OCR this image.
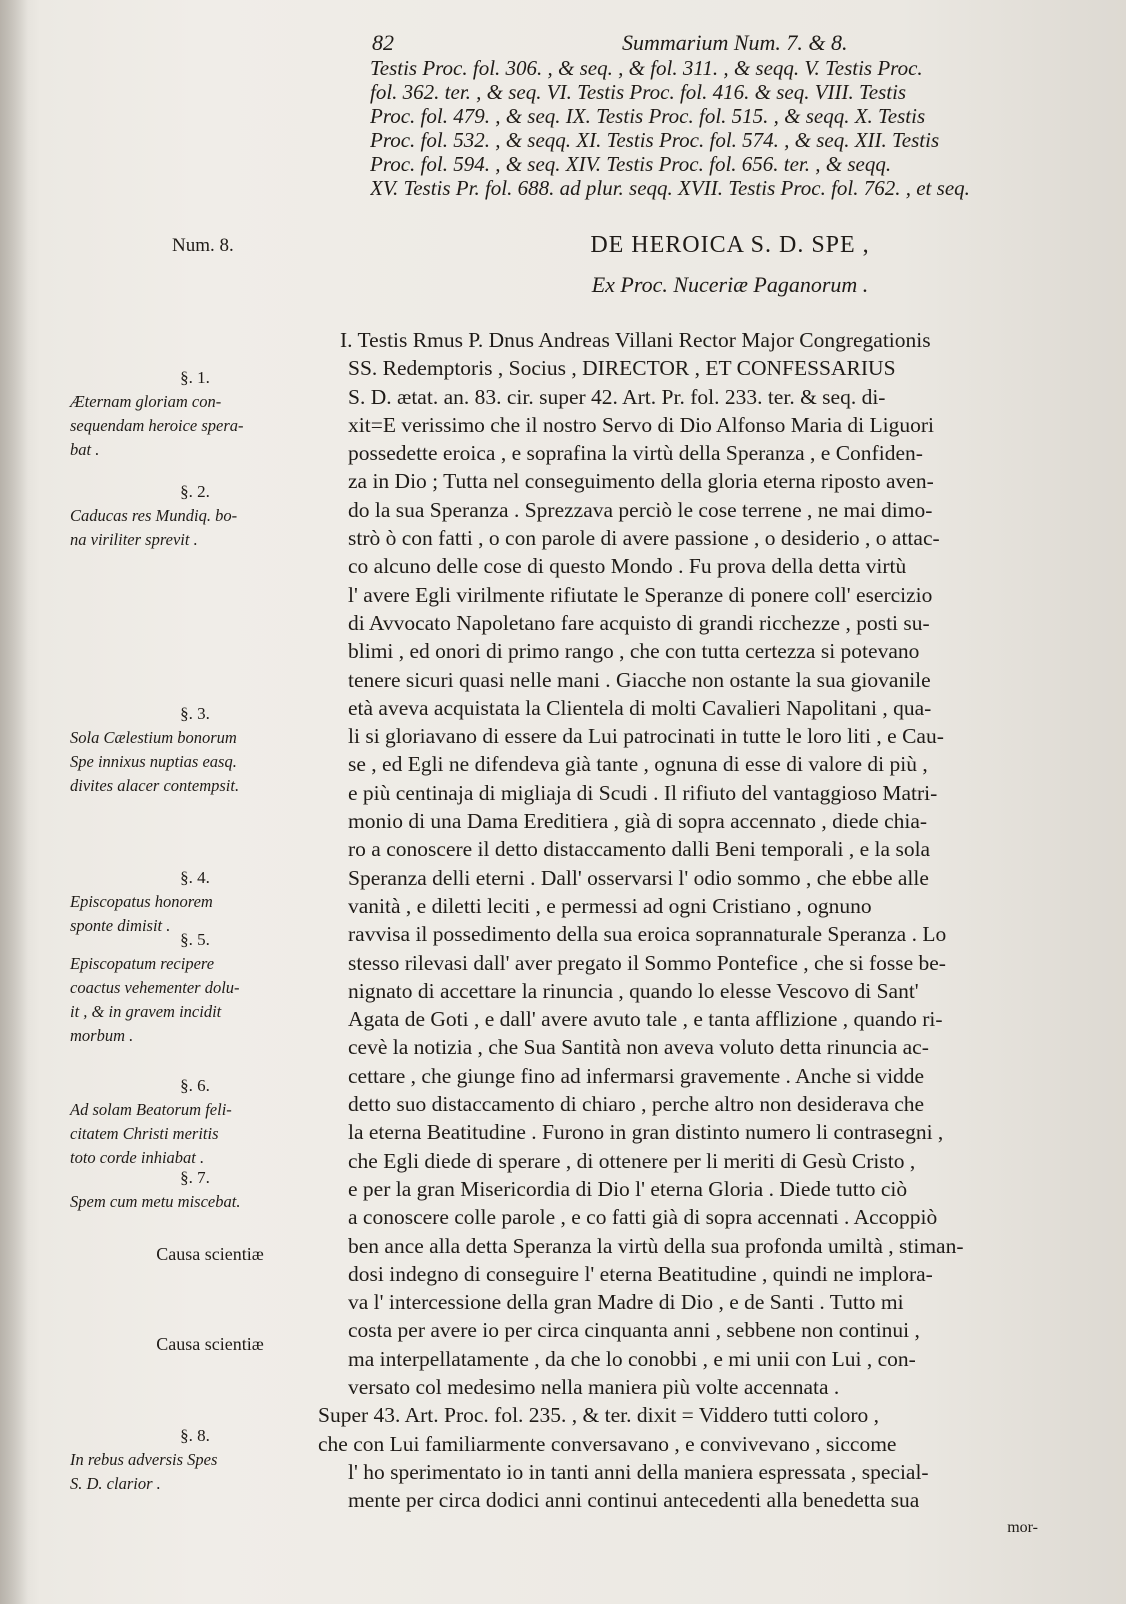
82	Summarium Num. 7. & 8.
Testis Proc. fol. 306. , & seq. , & fol. 311. , & seqq. V. Testis Proc.
fol. 362. ter. , & seq. VI. Testis Proc. fol. 416. & seq. VIII. Testis
Proc. fol. 479. , & seq. IX. Testis Proc. fol. 515. , & seqq. X. Testis
Proc. fol. 532. , & seqq. XI. Testis Proc. fol. 574. , & seq. XII. Testis
Proc. fol. 594. , & seq. XIV. Testis Proc. fol. 656. ter. , & seqq.
XV. Testis Pr. fol. 688. ad plur. seqq. XVII. Testis Proc. fol. 762. , et seq.
Num. 8.	DE HEROICA S. D. SPE ,
Ex Proc. Nuceriæ Paganorum .
I. Testis Rmus P. Dnus Andreas Villani Rector Major Congregationis
SS. Redemptoris , Socius , DIRECTOR , ET CONFESSARIUS
S. D. ætat. an. 83. cir. super 42. Art. Pr. fol. 233. ter. & seq. di-
xit=E verissimo che il nostro Servo di Dio Alfonso Maria di Liguori
possedette eroica , e soprafina la virtù della Speranza , e Confiden-
za in Dio ; Tutta nel conseguimento della gloria eterna riposto aven-
do la sua Speranza . Sprezzava perciò le cose terrene , ne mai dimo-
strò ò con fatti , o con parole di avere passione , o desiderio , o attac-
co alcuno delle cose di questo Mondo . Fu prova della detta virtù
l' avere Egli virilmente rifiutate le Speranze di ponere coll' esercizio
di Avvocato Napoletano fare acquisto di grandi ricchezze , posti su-
blimi , ed onori di primo rango , che con tutta certezza si potevano
tenere sicuri quasi nelle mani . Giacche non ostante la sua giovanile
età aveva acquistata la Clientela di molti Cavalieri Napolitani , qua-
li si gloriavano di essere da Lui patrocinati in tutte le loro liti , e Cau-
se , ed Egli ne difendeva già tante , ognuna di esse di valore di più ,
e più centinaja di migliaja di Scudi . Il rifiuto del vantaggioso Matri-
monio di una Dama Ereditiera , già di sopra accennato , diede chia-
ro a conoscere il detto distaccamento dalli Beni temporali , e la sola
Speranza delli eterni . Dall' osservarsi l' odio sommo , che ebbe alle
vanità , e diletti leciti , e permessi ad ogni Cristiano , ognuno
ravvisa il possedimento della sua eroica soprannaturale Speranza . Lo
stesso rilevasi dall' aver pregato il Sommo Pontefice , che si fosse be-
nignato di accettare la rinuncia , quando lo elesse Vescovo di Sant'
Agata de Goti , e dall' avere avuto tale , e tanta afflizione , quando ri-
cevè la notizia , che Sua Santità non aveva voluto detta rinuncia ac-
cettare , che giunge fino ad infermarsi gravemente . Anche si vidde
detto suo distaccamento di chiaro , perche altro non desiderava che
la eterna Beatitudine . Furono in gran distinto numero li contrasegni ,
che Egli diede di sperare , di ottenere per li meriti di Gesù Cristo ,
e per la gran Misericordia di Dio l' eterna Gloria . Diede tutto ciò
a conoscere colle parole , e co fatti già di sopra accennati . Accoppiò
ben ance alla detta Speranza la virtù della sua profonda umiltà , stiman-
dosi indegno di conseguire l' eterna Beatitudine , quindi ne implora-
va l' intercessione della gran Madre di Dio , e de Santi . Tutto mi
costa per avere io per circa cinquanta anni , sebbene non continui ,
ma interpellatamente , da che lo conobbi , e mi unii con Lui , con-
versato col medesimo nella maniera più volte accennata .
Super 43. Art. Proc. fol. 235. , & ter. dixit = Viddero tutti coloro ,
che con Lui familiarmente conversavano , e convivevano , siccome
l' ho sperimentato io in tanti anni della maniera espressata , special-
mente per circa dodici anni continui antecedenti alla benedetta sua
mor-
§. 1.
Æternam gloriam con-
sequendam heroice spera-
bat .
§. 2.
Caducas res Mundiq. bo-
na viriliter sprevit .
§. 3.
Sola Cælestium bonorum
Spe innixus nuptias easq.
divites alacer contempsit.
§. 4.
Episcopatus honorem
sponte dimisit .
§. 5.
Episcopatum recipere
coactus vehementer dolu-
it , & in gravem incidit
morbum .
§. 6.
Ad solam Beatorum feli-
citatem Christi meritis
toto corde inhiabat .
§. 7.
Spem cum metu miscebat.
§. 8.
In rebus adversis Spes
S. D. clarior .
Causa scientiæ
Causa scientiæ
